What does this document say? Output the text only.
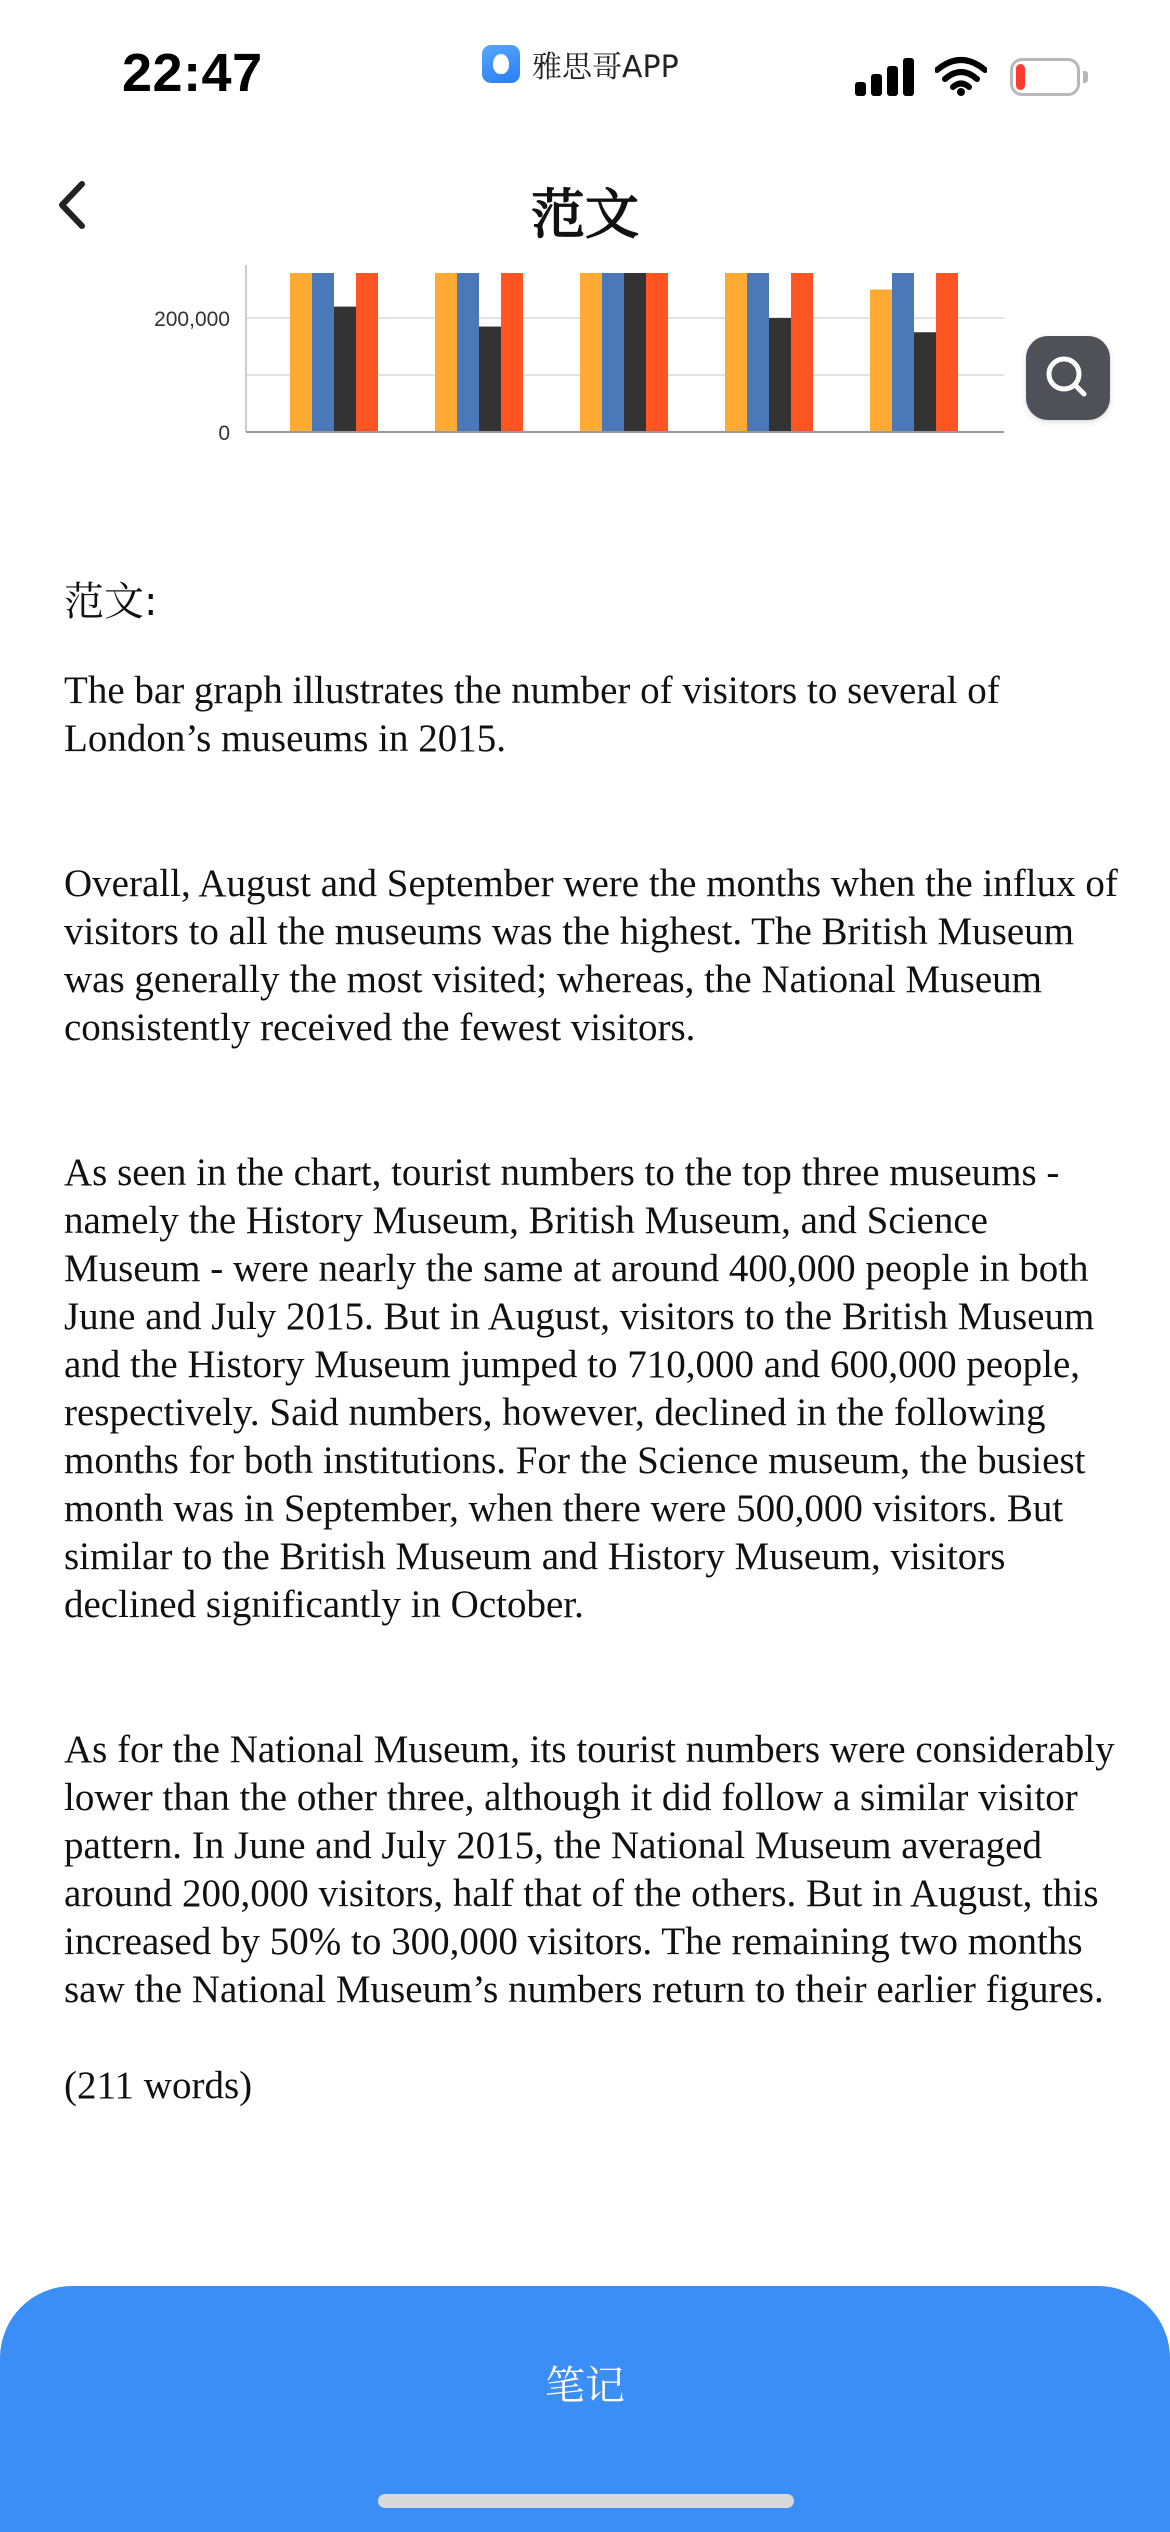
22:47	雅思哥APP
范文
200,000
0
范文:

The bar graph illustrates the number of visitors to several of London’s museums in 2015.

Overall, August and September were the months when the influx of visitors to all the museums was the highest. The British Museum was generally the most visited; whereas, the National Museum consistently received the fewest visitors.

As seen in the chart, tourist numbers to the top three museums - namely the History Museum, British Museum, and Science Museum - were nearly the same at around 400,000 people in both June and July 2015. But in August, visitors to the British Museum and the History Museum jumped to 710,000 and 600,000 people, respectively. Said numbers, however, declined in the following months for both institutions. For the Science museum, the busiest month was in September, when there were 500,000 visitors. But similar to the British Museum and History Museum, visitors declined significantly in October.

As for the National Museum, its tourist numbers were considerably lower than the other three, although it did follow a similar visitor pattern. In June and July 2015, the National Museum averaged around 200,000 visitors, half that of the others. But in August, this increased by 50% to 300,000 visitors. The remaining two months saw the National Museum’s numbers return to their earlier figures.

(211 words)

笔记
